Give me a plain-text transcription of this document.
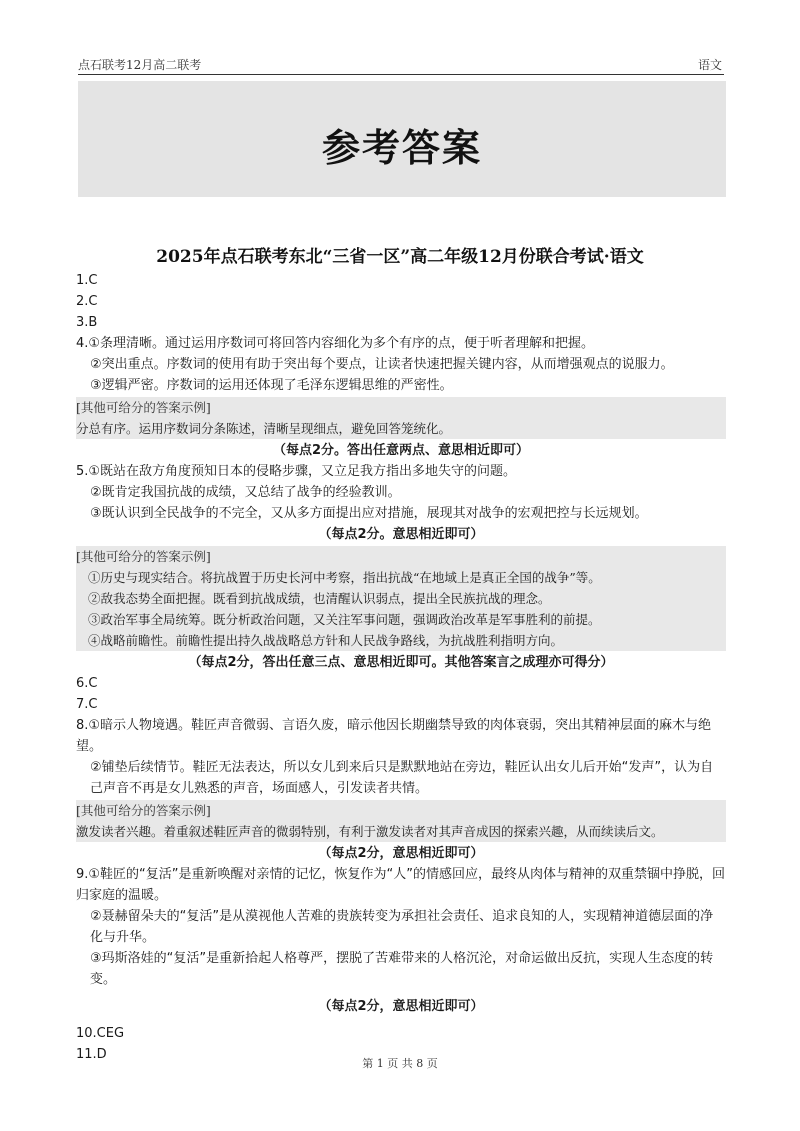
点石联考12月高二联考	语文
参考答案
2025年点石联考东北“三省一区”高二年级12月份联合考试·语文
1.C
2.C
3.B
4.①条理清晰。通过运用序数词可将回答内容细化为多个有序的点，便于听者理解和把握。
②突出重点。序数词的使用有助于突出每个要点，让读者快速把握关键内容，从而增强观点的说服力。
③逻辑严密。序数词的运用还体现了毛泽东逻辑思维的严密性。
[其他可给分的答案示例]
分总有序。运用序数词分条陈述，清晰呈现细点，避免回答笼统化。
（每点2分。答出任意两点、意思相近即可）
5.①既站在敌方角度预知日本的侵略步骤，又立足我方指出多地失守的问题。
②既肯定我国抗战的成绩，又总结了战争的经验教训。
③既认识到全民战争的不完全，又从多方面提出应对措施，展现其对战争的宏观把控与长远规划。
（每点2分。意思相近即可）
[其他可给分的答案示例]
①历史与现实结合。将抗战置于历史长河中考察，指出抗战“在地域上是真正全国的战争”等。
②敌我态势全面把握。既看到抗战成绩，也清醒认识弱点，提出全民族抗战的理念。
③政治军事全局统筹。既分析政治问题，又关注军事问题，强调政治改革是军事胜利的前提。
④战略前瞻性。前瞻性提出持久战战略总方针和人民战争路线，为抗战胜利指明方向。
（每点2分，答出任意三点、意思相近即可。其他答案言之成理亦可得分）
6.C
7.C
8.①暗示人物境遇。鞋匠声音微弱、言语久废，暗示他因长期幽禁导致的肉体衰弱，突出其精神层面的麻木与绝望。
②铺垫后续情节。鞋匠无法表达，所以女儿到来后只是默默地站在旁边，鞋匠认出女儿后开始“发声”，认为自己声音不再是女儿熟悉的声音，场面感人，引发读者共情。
[其他可给分的答案示例]
激发读者兴趣。着重叙述鞋匠声音的微弱特别，有利于激发读者对其声音成因的探索兴趣，从而续读后文。
（每点2分，意思相近即可）
9.①鞋匠的“复活”是重新唤醒对亲情的记忆，恢复作为“人”的情感回应，最终从肉体与精神的双重禁锢中挣脱，回归家庭的温暖。
②聂赫留朵夫的“复活”是从漠视他人苦难的贵族转变为承担社会责任、追求良知的人，实现精神道德层面的净化与升华。
③玛斯洛娃的“复活”是重新拾起人格尊严，摆脱了苦难带来的人格沉沦，对命运做出反抗，实现人生态度的转变。
（每点2分，意思相近即可）
10.CEG
11.D
第 1 页 共 8 页
